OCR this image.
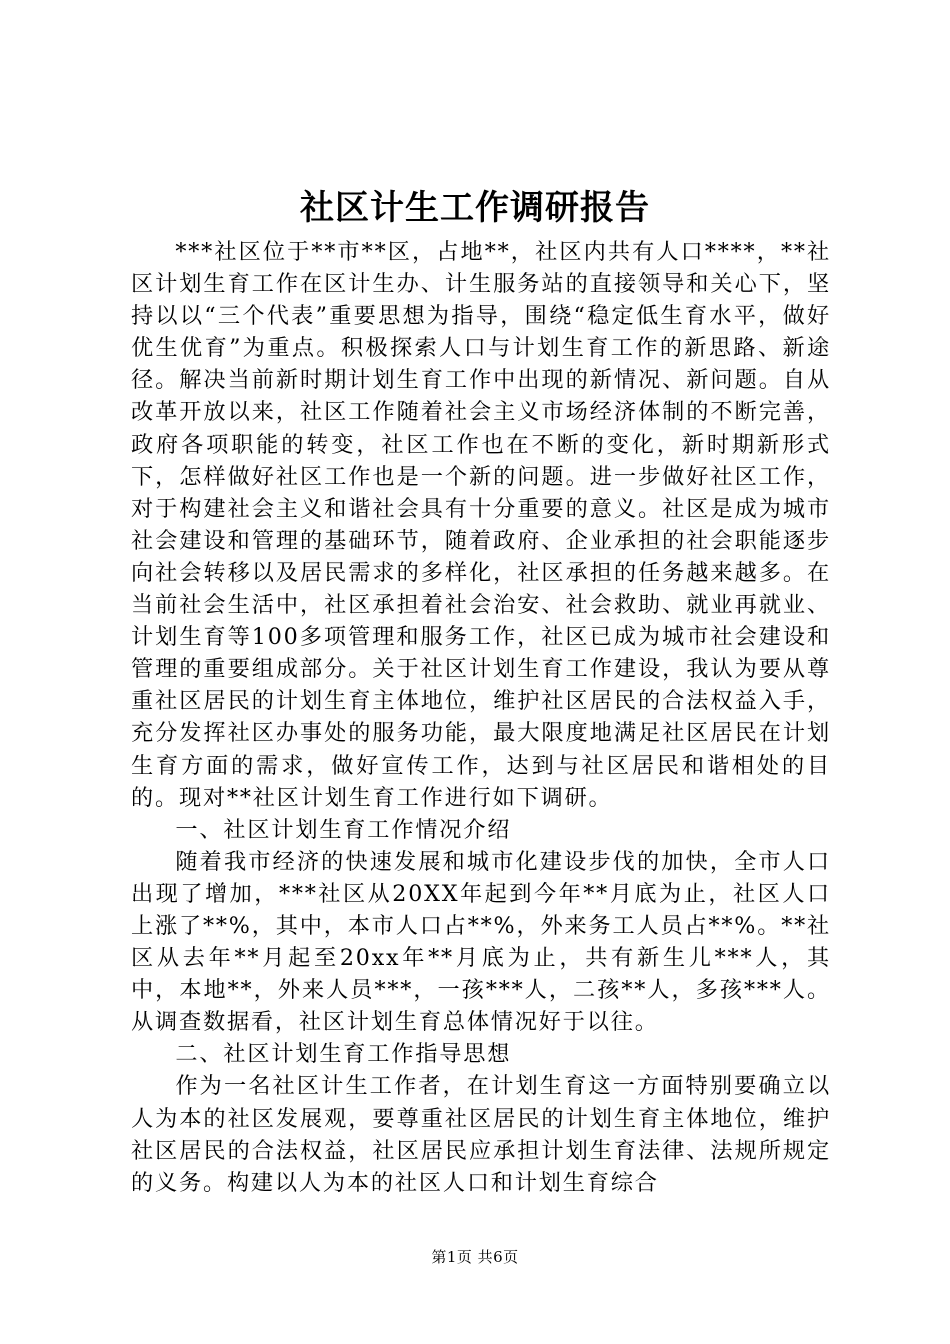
社区计生工作调研报告

***社区位于**市**区，占地**，社区内共有人口****，**社区计划生育工作在区计生办、计生服务站的直接领导和关心下，坚持以以“三个代表”重要思想为指导，围绕“稳定低生育水平，做好优生优育”为重点。积极探索人口与计划生育工作的新思路、新途径。解决当前新时期计划生育工作中出现的新情况、新问题。自从改革开放以来，社区工作随着社会主义市场经济体制的不断完善，政府各项职能的转变，社区工作也在不断的变化，新时期新形式下，怎样做好社区工作也是一个新的问题。进一步做好社区工作，对于构建社会主义和谐社会具有十分重要的意义。社区是成为城市社会建设和管理的基础环节，随着政府、企业承担的社会职能逐步向社会转移以及居民需求的多样化，社区承担的任务越来越多。在当前社会生活中，社区承担着社会治安、社会救助、就业再就业、计划生育等100多项管理和服务工作，社区已成为城市社会建设和管理的重要组成部分。关于社区计划生育工作建设，我认为要从尊重社区居民的计划生育主体地位，维护社区居民的合法权益入手，充分发挥社区办事处的服务功能，最大限度地满足社区居民在计划生育方面的需求，做好宣传工作，达到与社区居民和谐相处的目的。现对**社区计划生育工作进行如下调研。

一、社区计划生育工作情况介绍

随着我市经济的快速发展和城市化建设步伐的加快，全市人口出现了增加，***社区从20XX年起到今年**月底为止，社区人口上涨了**%，其中，本市人口占**%，外来务工人员占**%。**社区从去年**月起至20xx年**月底为止，共有新生儿***人，其中，本地**，外来人员***，一孩***人，二孩**人，多孩***人。从调查数据看，社区计划生育总体情况好于以往。

二、社区计划生育工作指导思想

作为一名社区计生工作者，在计划生育这一方面特别要确立以人为本的社区发展观，要尊重社区居民的计划生育主体地位，维护社区居民的合法权益，社区居民应承担计划生育法律、法规所规定的义务。构建以人为本的社区人口和计划生育综合

第1页 共6页
